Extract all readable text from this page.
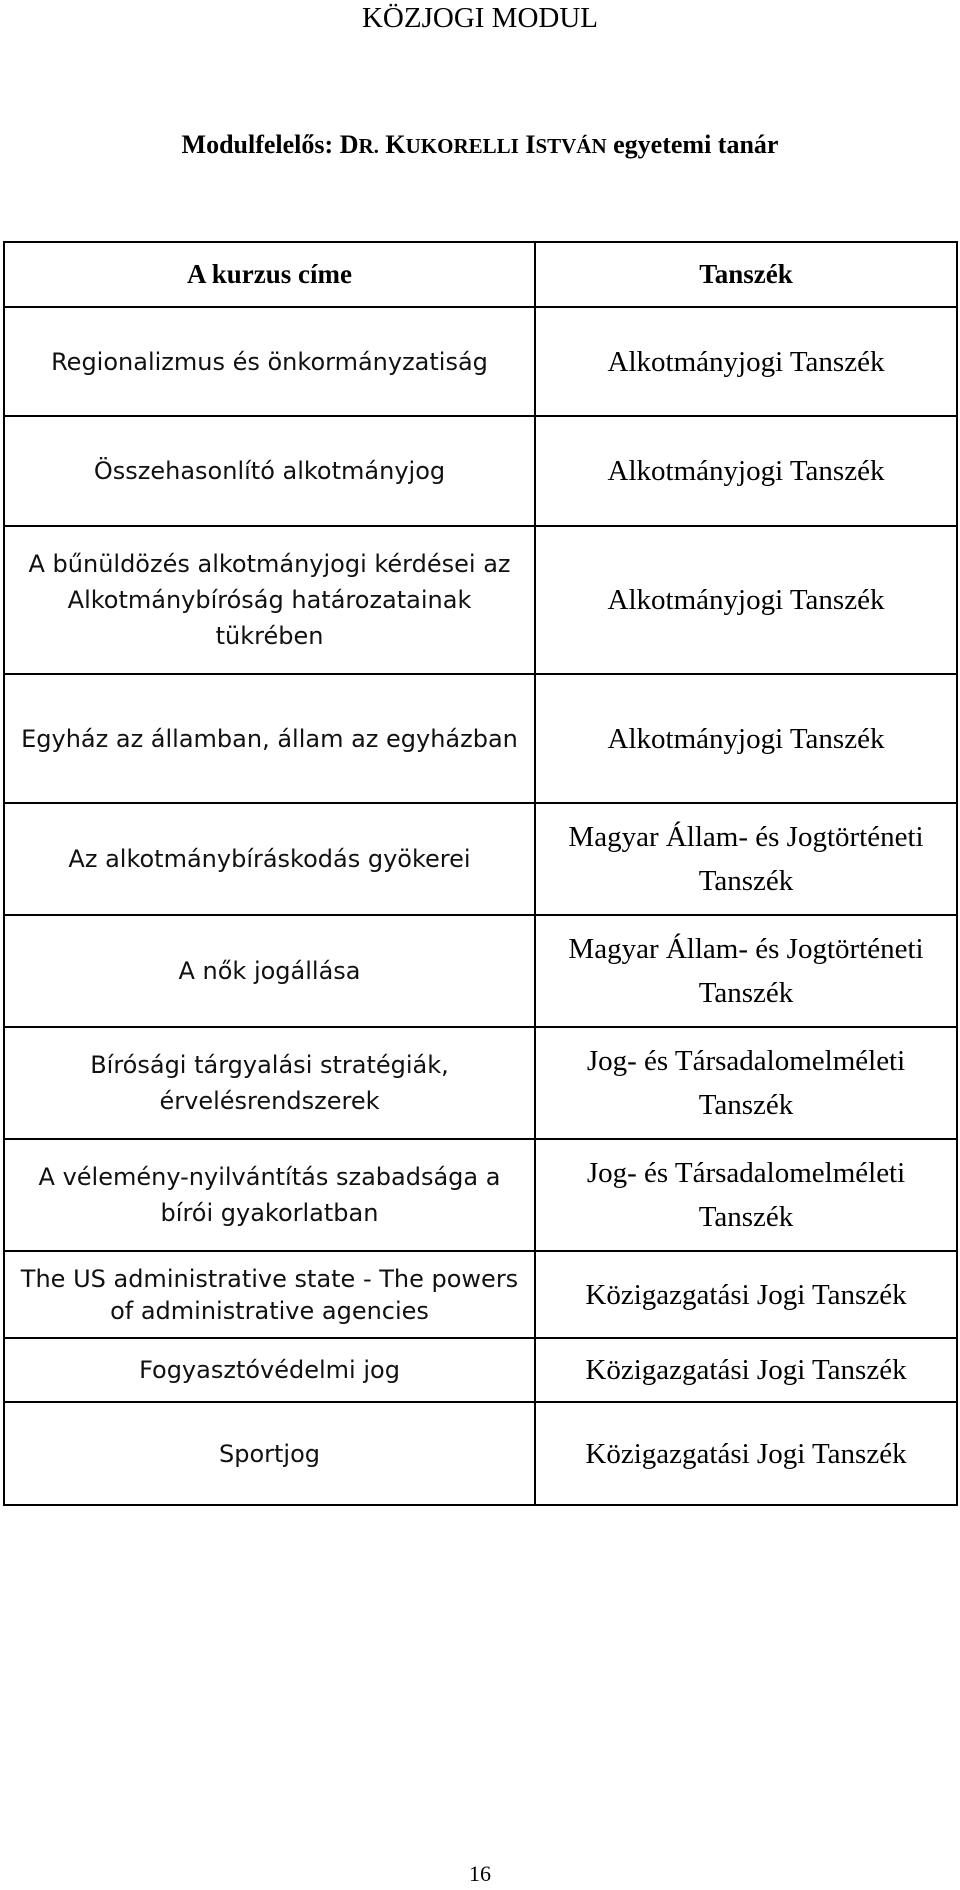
KÖZJOGI MODUL
Modulfelelős: DR. KUKORELLI ISTVÁN egyetemi tanár
A kurzus címe	Tanszék
Regionalizmus és önkormányzatiság	Alkotmányjogi Tanszék
Összehasonlító alkotmányjog	Alkotmányjogi Tanszék
A bűnüldözés alkotmányjogi kérdései az Alkotmánybíróság határozatainak tükrében	Alkotmányjogi Tanszék
Egyház az államban, állam az egyházban	Alkotmányjogi Tanszék
Az alkotmánybíráskodás gyökerei	Magyar Állam- és Jogtörténeti Tanszék
A nők jogállása	Magyar Állam- és Jogtörténeti Tanszék
Bírósági tárgyalási stratégiák, érvelésrendszerek	Jog- és Társadalomelméleti Tanszék
A vélemény-nyilvántítás szabadsága a bírói gyakorlatban	Jog- és Társadalomelméleti Tanszék
The US administrative state - The powers of administrative agencies	Közigazgatási Jogi Tanszék
Fogyasztóvédelmi jog	Közigazgatási Jogi Tanszék
Sportjog	Közigazgatási Jogi Tanszék
16
